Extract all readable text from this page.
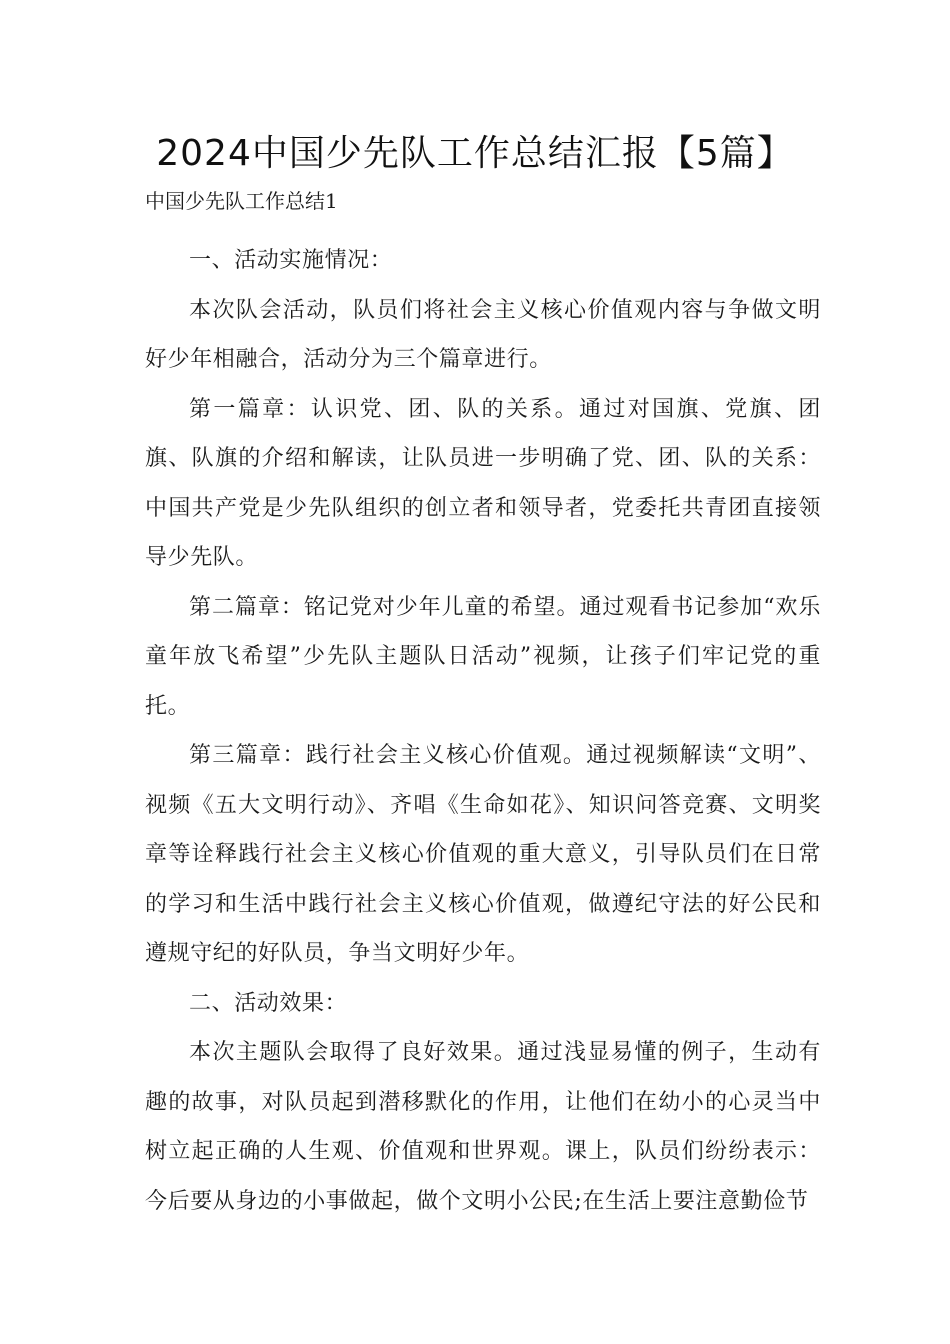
2024中国少先队工作总结汇报【5篇】

中国少先队工作总结1

一、活动实施情况：

本次队会活动，队员们将社会主义核心价值观内容与争做文明好少年相融合，活动分为三个篇章进行。

第一篇章：认识党、团、队的关系。通过对国旗、党旗、团旗、队旗的介绍和解读，让队员进一步明确了党、团、队的关系：中国共产党是少先队组织的创立者和领导者，党委托共青团直接领导少先队。

第二篇章：铭记党对少年儿童的希望。通过观看书记参加“欢乐童年放飞希望”少先队主题队日活动”视频，让孩子们牢记党的重托。

第三篇章：践行社会主义核心价值观。通过视频解读“文明”、视频《五大文明行动》、齐唱《生命如花》、知识问答竞赛、文明奖章等诠释践行社会主义核心价值观的重大意义，引导队员们在日常的学习和生活中践行社会主义核心价值观，做遵纪守法的好公民和遵规守纪的好队员，争当文明好少年。

二、活动效果：

本次主题队会取得了良好效果。通过浅显易懂的例子，生动有趣的故事，对队员起到潜移默化的作用，让他们在幼小的心灵当中树立起正确的人生观、价值观和世界观。课上，队员们纷纷表示：今后要从身边的小事做起，做个文明小公民;在生活上要注意勤俭节
